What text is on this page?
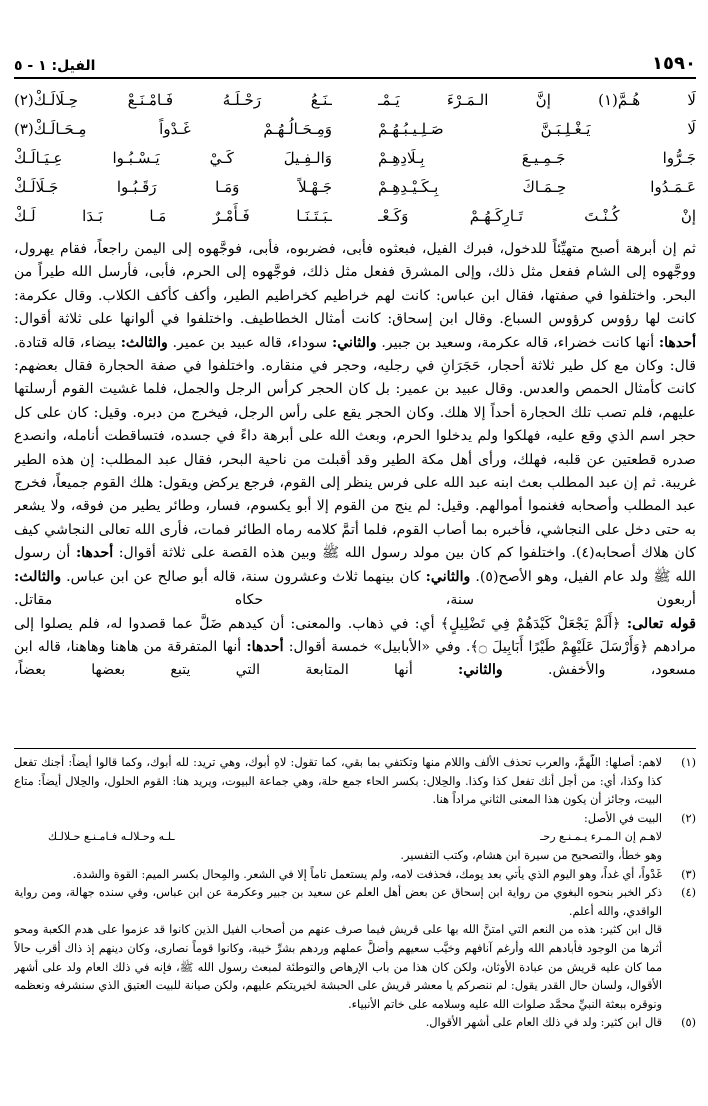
١٥٩٠
الفيل: ١ - ٥
لَا هُـمَّ(١) إنَّ الـمَـرْءَ يَـمْـ
ـنَـعُ رَحْـلَـهُ فَـامْـنَـعْ حِـلَالَـكْ(٢)
لَا يَـغْـلِـبَـنَّ صَـلِـيـبُـهُـمْ
وَمِـحَـالُـهُـمْ غَـدْواً مِـحَـالَـكْ(٣)
جَـرُّوا جَـمِـيـعَ بِـلَادِهِـمْ
وَالـفِـيلَ كَـيْ يَـسْـبُـوا عِـيَـالَـكْ
عَـمَـدُوا حِـمَـاكَ بِـكَـيْـدِهِـمْ
جَـهْـلاً وَمَـا رَقَـبُـوا جَـلَالَـكْ
إنْ كُـنْـتَ تَـارِكَـهُـمْ وَكَـعْـ
ـبَـتَـنَـا فَـأَمْـرٌ مَـا بَـدَا لَـكْ

ثم إن أبرهة أصبح متهيِّئاً للدخول، فبرك الفيل، فبعثوه فأبى، فضربوه، فأبى، فوجَّهوه إلى اليمن راجعاً، فقام يهرول، ووجَّهوه إلى الشام ففعل مثل ذلك، وإلى المشرق ففعل مثل ذلك، فوجَّهوه إلى الحرم، فأبى، فأرسل الله طيراً من البحر. واختلفوا في صفتها، فقال ابن عباس: كانت لهم خراطيم كخراطيم الطير، وأكف كأكف الكلاب. وقال عكرمة: كانت لها رؤوس كرؤوس السباع. وقال ابن إسحاق: كانت أمثال الخطاطيف. واختلفوا في ألوانها على ثلاثة أقوال: أحدها: أنها كانت خضراء، قاله عكرمة، وسعيد بن جبير. والثاني: سوداء، قاله عبيد بن عمير. والثالث: بيضاء، قاله قتادة. قال: وكان مع كل طير ثلاثة أحجار، حَجَرَانِ في رجليه، وحجر في منقاره. واختلفوا في صفة الحجارة فقال بعضهم: كانت كأمثال الحمص والعدس. وقال عبيد بن عمير: بل كان الحجر كرأس الرجل والجمل، فلما غشيت القوم أرسلتها عليهم، فلم تصب تلك الحجارة أحداً إلا هلك. وكان الحجر يقع على رأس الرجل، فيخرج من دبره. وقيل: كان على كل حجر اسم الذي وقع عليه، فهلكوا ولم يدخلوا الحرم، وبعث الله على أبرهة داءً في جسده، فتساقطت أنامله، وانصدع صدره قطعتين عن قلبه، فهلك، ورأى أهل مكة الطير وقد أقبلت من ناحية البحر، فقال عبد المطلب: إن هذه الطير غريبة. ثم إن عبد المطلب بعث ابنه عبد الله على فرس ينظر إلى القوم، فرجع يركض ويقول: هلك القوم جميعاً، فخرج عبد المطلب وأصحابه فغنموا أموالهم. وقيل: لم ينج من القوم إلا أبو يكسوم، فسار، وطائر يطير من فوقه، ولا يشعر به حتى دخل على النجاشي، فأخبره بما أصاب القوم، فلما أتمَّ كلامه رماه الطائر فمات، فأرى الله تعالى النجاشي كيف كان هلاك أصحابه(٤). واختلفوا كم كان بين مولد رسول الله ﷺ وبين هذه القصة على ثلاثة أقوال: أحدها: أن رسول الله ﷺ ولد عام الفيل، وهو الأصح(٥). والثاني: كان بينهما ثلاث وعشرون سنة، قاله أبو صالح عن ابن عباس. والثالث: أربعون سنة، حكاه مقاتل.

قوله تعالى: ﴿أَلَمْ يَجْعَلْ كَيْدَهُمْ فِي تَضْلِيلٍ﴾ أي: في ذهاب. والمعنى: أن كيدهم ضَلَّ عما قصدوا له، فلم يصلوا إلى مرادهم ﴿وَأَرْسَلَ عَلَيْهِمْ طَيْرًا أَبَابِيلَ ۝﴾. وفي «الأبابيل» خمسة أقوال: أحدها: أنها المتفرقة من هاهنا وهاهنا، قاله ابن مسعود، والأخفش. والثاني: أنها المتابعة التي يتبع بعضها بعضاً،

(١)
لاهم: أصلها: اللَّهمَّ، والعرب تحذف الألف واللام منها وتكتفي بما بقي، كما تقول: لاهِ أبوك، وهي تريد: لله أبوك، وكما قالوا أيضاً: أجنك تفعل كذا وكذا، أي: من أجل أنك تفعل كذا وكذا. والحِلال: بكسر الحاء جمع حلة، وهي جماعة البيوت، ويريد هنا: القوم الحلول، والحِلال أيضاً: متاع البيت، وجائز أن يكون هذا المعنى الثاني مراداً هنا.
(٢)
البيت في الأصل:
لاهـم إن الـمـرء يـمـنـع رحـ
ـلـه وحـلالـه فـامـنـع حـلالـك
وهو خطأ، والتصحيح من سيرة ابن هشام، وكتب التفسير.
(٣)
غَدْواً، أي غداً، وهو اليوم الذي يأتي بعد يومك، فحذفت لامه، ولم يستعمل تاماً إلا في الشعر. والمِحال بكسر الميم: القوة والشدة.
(٤)
ذكر الخبر بنحوه البغوي من رواية ابن إسحاق عن بعض أهل العلم عن سعيد بن جبير وعكرمة عن ابن عباس، وفي سنده جهالة، ومن رواية الواقدي، والله أعلم.
قال ابن كثير: هذه من النعم التي امتنَّ الله بها على قريش فيما صرف عنهم من أصحاب الفيل الذين كانوا قد عزموا على هدم الكعبة ومحو أثرها من الوجود فأبادهم الله وأرغم آنافهم وخيَّب سعيهم وأضلَّ عملهم وردهم بشرِّ خيبة، وكانوا قوماً نصارى، وكان دينهم إذ ذاك أقرب حالاً مما كان عليه قريش من عبادة الأوثان، ولكن كان هذا من باب الإرهاص والتوطئة لمبعث رسول الله ﷺ، فإنه في ذلك العام ولد على أشهر الأقوال، ولسان حال القدر يقول: لم ننصركم يا معشر قريش على الحبشة لخيريتكم عليهم، ولكن صيانة للبيت العتيق الذي سنشرفه ونعظمه ونوقره ببعثة النبيِّ محمَّد صلوات الله عليه وسلامه على خاتم الأنبياء.
(٥)
قال ابن كثير: ولد في ذلك العام على أشهر الأقوال.
